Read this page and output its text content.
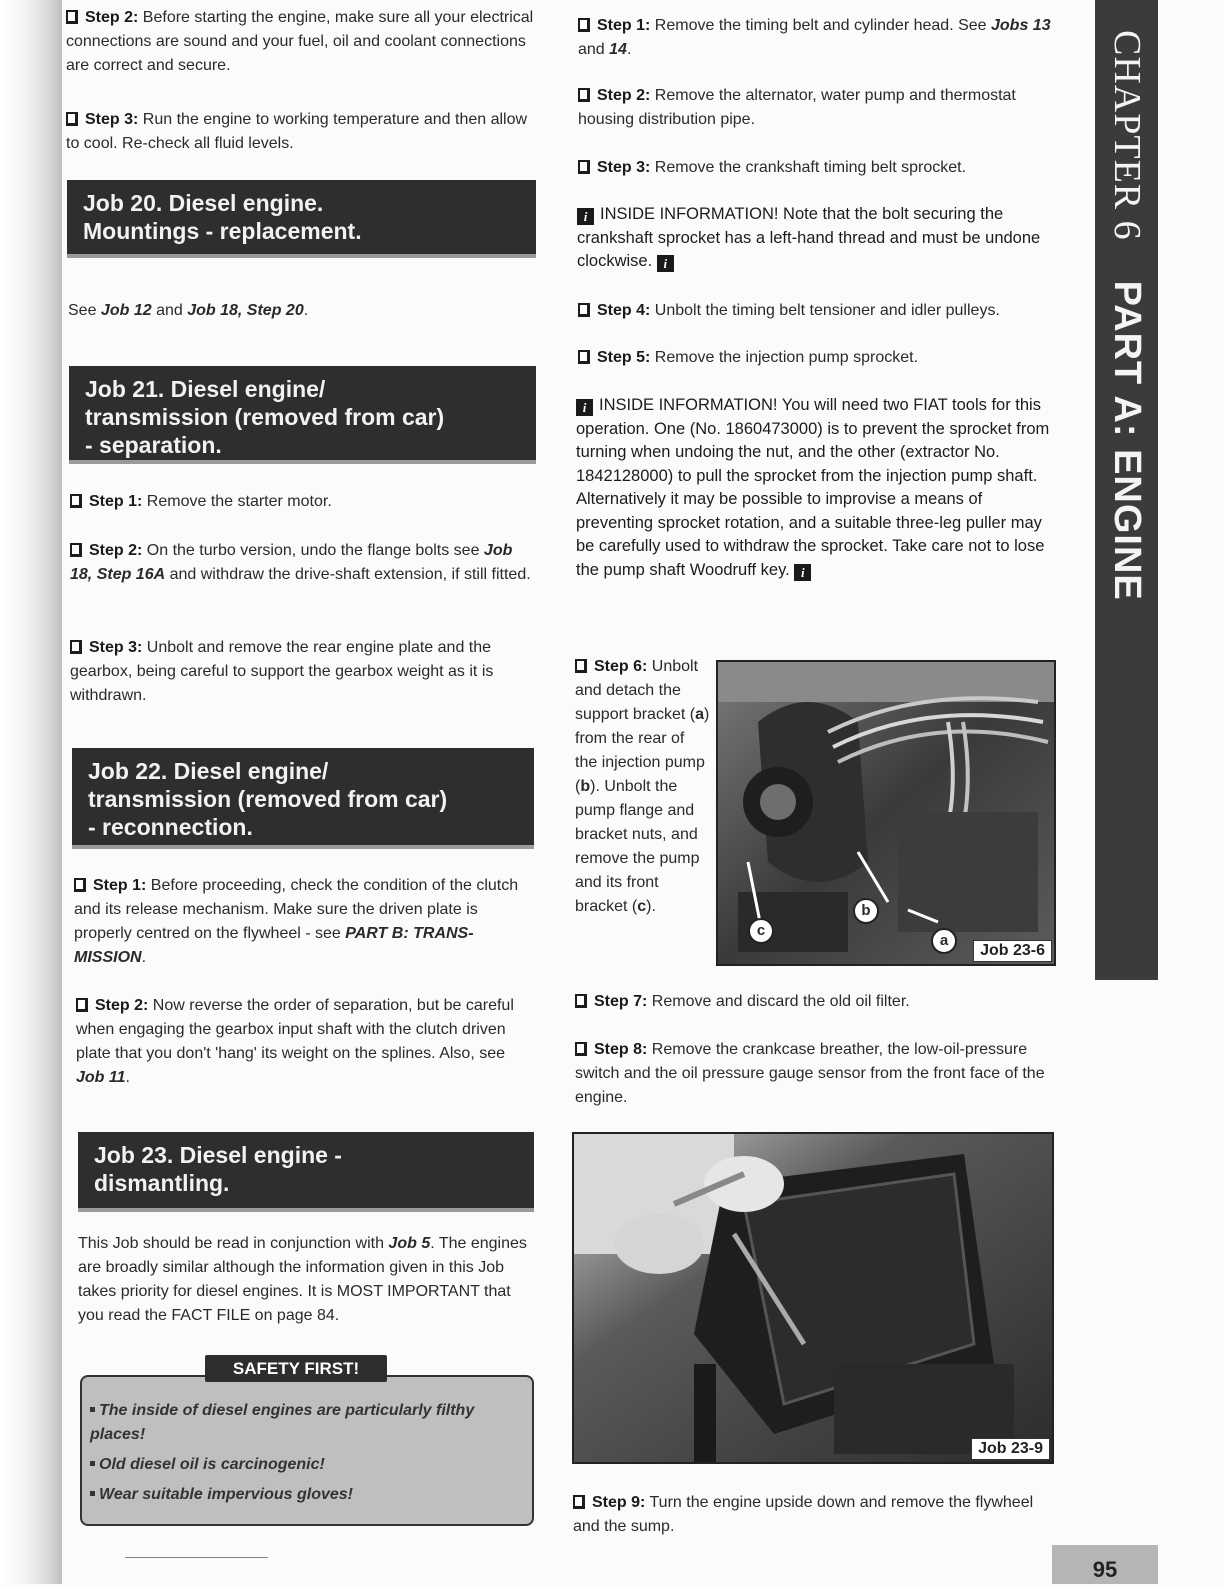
Step 2: Before starting the engine, make sure all your electrical connections are sound and your fuel, oil and coolant connections are correct and secure.

Step 3: Run the engine to working temperature and then allow to cool. Re-check all fluid levels.

Job 20. Diesel engine.
Mountings - replacement.

See Job 12 and Job 18, Step 20.

Job 21. Diesel engine/
transmission (removed from car)
- separation.

Step 1: Remove the starter motor.

Step 2: On the turbo version, undo the flange bolts see Job 18, Step 16A and withdraw the drive-shaft extension, if still fitted.

Step 3: Unbolt and remove the rear engine plate and the gearbox, being careful to support the gearbox weight as it is withdrawn.

Job 22. Diesel engine/
transmission (removed from car)
- reconnection.

Step 1: Before proceeding, check the condition of the clutch and its release mechanism. Make sure the driven plate is properly centred on the flywheel - see PART B: TRANS-MISSION.

Step 2: Now reverse the order of separation, but be careful when engaging the gearbox input shaft with the clutch driven plate that you don't 'hang' its weight on the splines. Also, see Job 11.

Job 23. Diesel engine -
dismantling.

This Job should be read in conjunction with Job 5. The engines are broadly similar although the information given in this Job takes priority for diesel engines. It is MOST IMPORTANT that you read the FACT FILE on page 84.

The inside of diesel engines are particularly filthy places!
Old diesel oil is carcinogenic!
Wear suitable impervious gloves!
SAFETY FIRST!

Step 1: Remove the timing belt and cylinder head. See Jobs 13 and 14.

Step 2: Remove the alternator, water pump and thermostat housing distribution pipe.

Step 3: Remove the crankshaft timing belt sprocket.

i INSIDE INFORMATION! Note that the bolt securing the crankshaft sprocket has a left-hand thread and must be undone clockwise. i

Step 4: Unbolt the timing belt tensioner and idler pulleys.

Step 5: Remove the injection pump sprocket.

i INSIDE INFORMATION! You will need two FIAT tools for this operation. One (No. 1860473000) is to prevent the sprocket from turning when undoing the nut, and the other (extractor No. 1842128000) to pull the sprocket from the injection pump shaft. Alternatively it may be possible to improvise a means of preventing sprocket rotation, and a suitable three-leg puller may be carefully used to withdraw the sprocket. Take care not to lose the pump shaft Woodruff key. i

Step 6: Unbolt and detach the support bracket (a) from the rear of the injection pump (b). Unbolt the pump flange and bracket nuts, and remove the pump and its front bracket (c).	b
a
c
Job 23-6

Step 7: Remove and discard the old oil filter.

Step 8: Remove the crankcase breather, the low-oil-pressure switch and the oil pressure gauge sensor from the front face of the engine.

Job 23-9

Step 9: Turn the engine upside down and remove the flywheel and the sump.

CHAPTER 6PART A: ENGINE
95
